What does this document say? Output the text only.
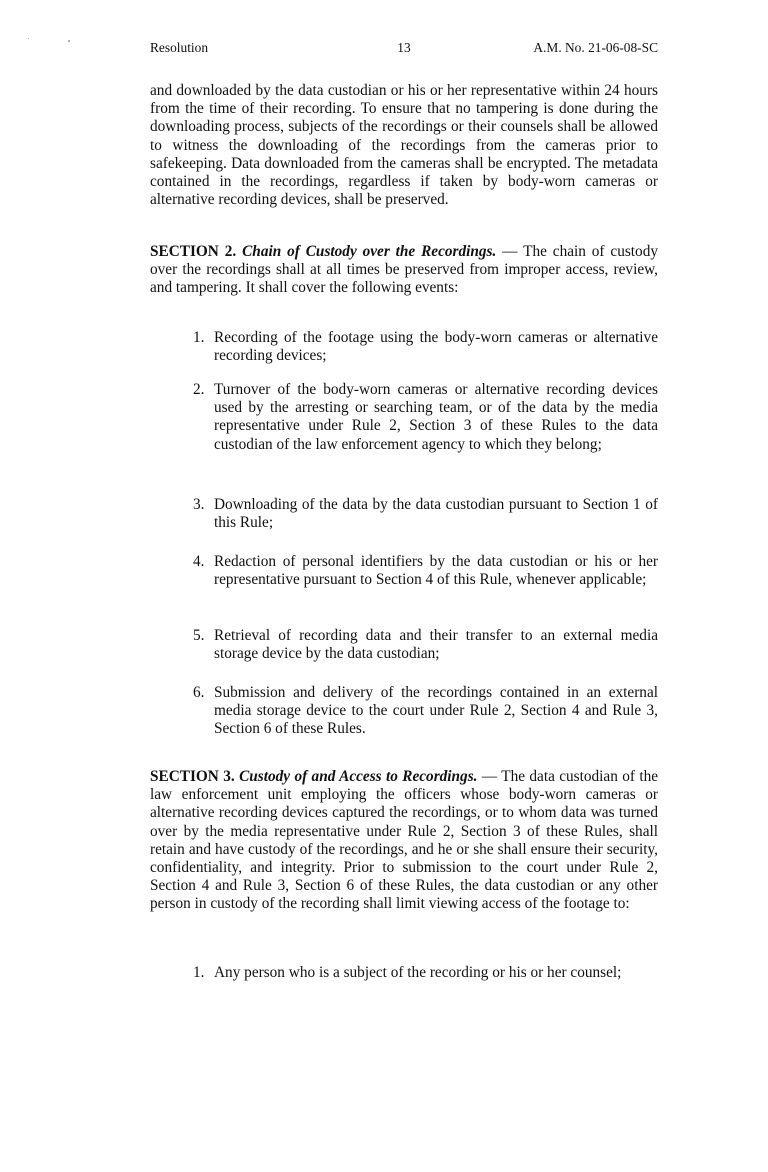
Resolution	13	A.M. No. 21-06-08-SC
and downloaded by the data custodian or his or her representative within 24 hours from the time of their recording. To ensure that no tampering is done during the downloading process, subjects of the recordings or their counsels shall be allowed to witness the downloading of the recordings from the cameras prior to safekeeping. Data downloaded from the cameras shall be encrypted. The metadata contained in the recordings, regardless if taken by body-worn cameras or alternative recording devices, shall be preserved.
SECTION 2. Chain of Custody over the Recordings. — The chain of custody over the recordings shall at all times be preserved from improper access, review, and tampering. It shall cover the following events:
1. Recording of the footage using the body-worn cameras or alternative recording devices;
2. Turnover of the body-worn cameras or alternative recording devices used by the arresting or searching team, or of the data by the media representative under Rule 2, Section 3 of these Rules to the data custodian of the law enforcement agency to which they belong;
3. Downloading of the data by the data custodian pursuant to Section 1 of this Rule;
4. Redaction of personal identifiers by the data custodian or his or her representative pursuant to Section 4 of this Rule, whenever applicable;
5. Retrieval of recording data and their transfer to an external media storage device by the data custodian;
6. Submission and delivery of the recordings contained in an external media storage device to the court under Rule 2, Section 4 and Rule 3, Section 6 of these Rules.
SECTION 3. Custody of and Access to Recordings. — The data custodian of the law enforcement unit employing the officers whose body-worn cameras or alternative recording devices captured the recordings, or to whom data was turned over by the media representative under Rule 2, Section 3 of these Rules, shall retain and have custody of the recordings, and he or she shall ensure their security, confidentiality, and integrity. Prior to submission to the court under Rule 2, Section 4 and Rule 3, Section 6 of these Rules, the data custodian or any other person in custody of the recording shall limit viewing access of the footage to:
1. Any person who is a subject of the recording or his or her counsel;
